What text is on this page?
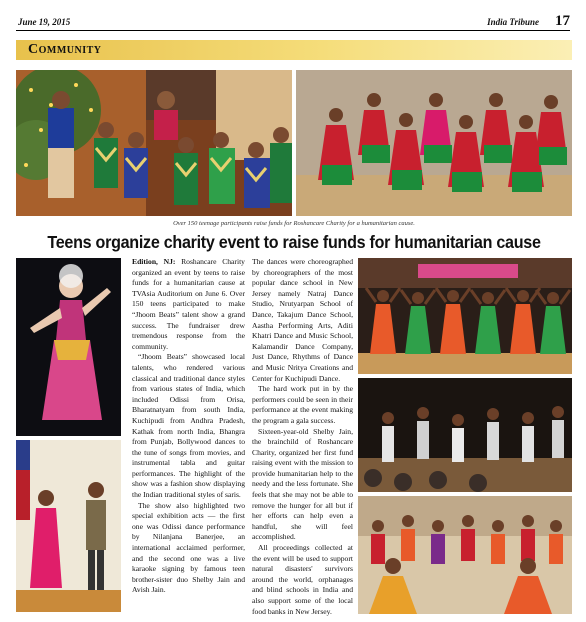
June 19, 2015	India Tribune 17
Community
Over 150 teenage participants raise funds for Roshancare Charity for a humanitarian cause.
Teens organize charity event to raise funds for humanitarian cause

Edition, NJ: Roshancare Charity organized an event by teens to raise funds for a humanitarian cause at TVAsia Auditorium on June 6. Over 150 teens participated to make “Jhoom Beats” talent show a grand success. The fundraiser drew tremendous response from the community.

“Jhoom Beats” showcased local talents, who rendered various classical and traditional dance styles from various states of India, which included Odissi from Orisa, Bharatnatyam from south India, Kuchipudi from Andhra Pradesh, Kathak from north India, Bhangra from Punjab, Bollywood dances to the tune of songs from movies, and instrumental tabla and guitar performances. The highlight of the show was a fashion show displaying the Indian traditional styles of saris.

The show also highlighted two special exhibition acts — the first one was Odissi dance performance by Nilanjana Banerjee, an international acclaimed performer, and the second one was a live karaoke signing by famous teen brother-sister duo Shelby Jain and Avish Jain.

The dances were choreographed by choreographers of the most popular dance school in New Jersey namely Natraj Dance Studio, Nrutyarpan School of Dance, Takajum Dance School, Aastha Performing Arts, Aditi Khatri Dance and Music School, Kalamandir Dance Company, Just Dance, Rhythms of Dance and Music Nritya Creations and Center for Kuchipudi Dance.

The hard work put in by the performers could be seen in their performance at the event making the program a gala success.

Sixteen-year-old Shelby Jain, the brainchild of Roshancare Charity, organized her first fund raising event with the mission to provide humanitarian help to the needy and the less fortunate. She feels that she may not be able to remove the hunger for all but if her efforts can help even a handful, she will feel accomplished.

All proceedings collected at the event will be used to support natural disasters' survivors around the world, orphanages and blind schools in India and also support some of the local food banks in New Jersey.
